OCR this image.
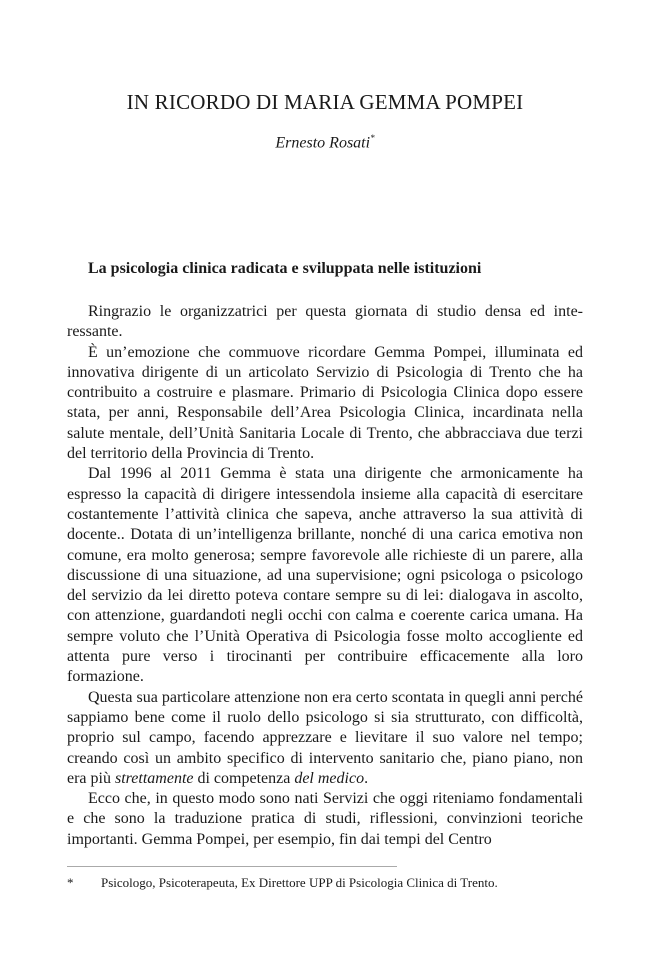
IN RICORDO DI MARIA GEMMA POMPEI

Ernesto Rosati*

La psicologia clinica radicata e sviluppata nelle istituzioni

Ringrazio le organizzatrici per questa giornata di studio densa ed interessante.

È un’emozione che commuove ricordare Gemma Pompei, illuminata ed innovativa dirigente di un articolato Servizio di Psicologia di Trento che ha contribuito a costruire e plasmare. Primario di Psicologia Clinica dopo essere stata, per anni, Responsabile dell’Area Psicologia Clinica, incardinata nella salute mentale, dell’Unità Sanitaria Locale di Trento, che abbracciava due terzi del territorio della Provincia di Trento.

Dal 1996 al 2011 Gemma è stata una dirigente che armonicamente ha espresso la capacità di dirigere intessendola insieme alla capacità di esercitare costantemente l’attività clinica che sapeva, anche attraverso la sua attività di docente.. Dotata di un’intelligenza brillante, nonché di una carica emotiva non comune, era molto generosa; sempre favorevole alle richieste di un parere, alla discussione di una situazione, ad una supervisione; ogni psicologa o psicologo del servizio da lei diretto poteva contare sempre su di lei: dialogava in ascolto, con attenzione, guardandoti negli occhi con calma e coerente carica umana. Ha sempre voluto che l’Unità Operativa di Psicologia fosse molto accogliente ed attenta pure verso i tirocinanti per contribuire efficacemente alla loro formazione.

Questa sua particolare attenzione non era certo scontata in quegli anni perché sappiamo bene come il ruolo dello psicologo si sia strutturato, con difficoltà, proprio sul campo, facendo apprezzare e lievitare il suo valore nel tempo; creando così un ambito specifico di intervento sanitario che, piano piano, non era più strettamente di competenza del medico.

Ecco che, in questo modo sono nati Servizi che oggi riteniamo fondamentali e che sono la traduzione pratica di studi, riflessioni, convinzioni teoriche importanti. Gemma Pompei, per esempio, fin dai tempi del Centro

* Psicologo, Psicoterapeuta, Ex Direttore UPP di Psicologia Clinica di Trento.
